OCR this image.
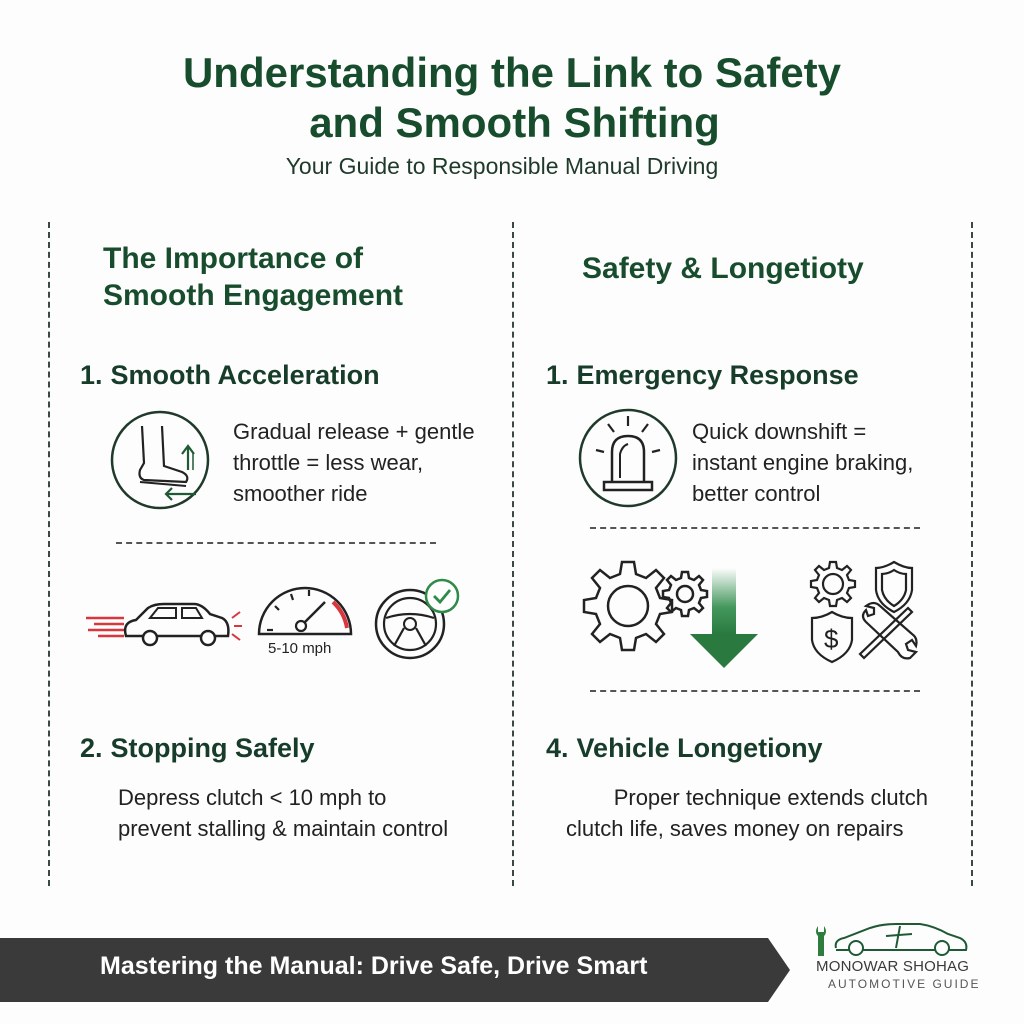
Understanding the Link to Safety
and Smooth Shifting
Your Guide to Responsible Manual Driving
The Importance of
Smooth Engagement
1. Smooth Acceleration
Gradual release + gentle
throttle = less wear,
smoother ride
5-10 mph
2. Stopping Safely
Depress clutch < 10 mph to
prevent stalling & maintain control
Safety & Longetioty
1. Emergency Response
Quick downshift =
instant engine braking,
better control
$
4. Vehicle Longetiony
Proper technique extends clutch
clutch life, saves money on repairs
Mastering the Manual: Drive Safe, Drive Smart	MONOWAR SHOHAG
AUTOMOTIVE GUIDE
